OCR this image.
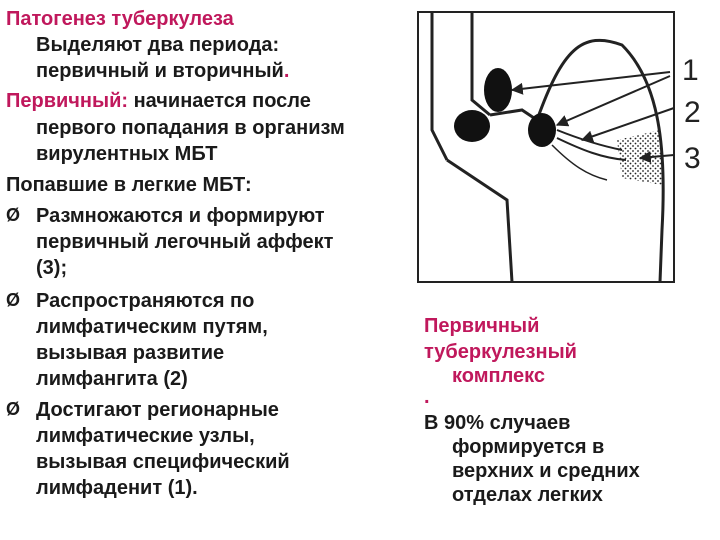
Патогенез туберкулеза
Выделяют два периода:
первичный и вторичный.
Первичный: начинается после
первого попадания в организм
вирулентных МБТ
Попавшие в легкие МБТ:
Ø Размножаются и формируют
первичный легочный аффект
(3);
Ø Распространяются по
лимфатическим путям,
вызывая развитие
лимфангита (2)
Ø Достигают регионарные
лимфатические узлы,
вызывая специфический
лимфаденит (1).
1
2
3
Первичный
туберкулезный
комплекс
.
В 90% случаев
формируется в
верхних и средних
отделах легких
